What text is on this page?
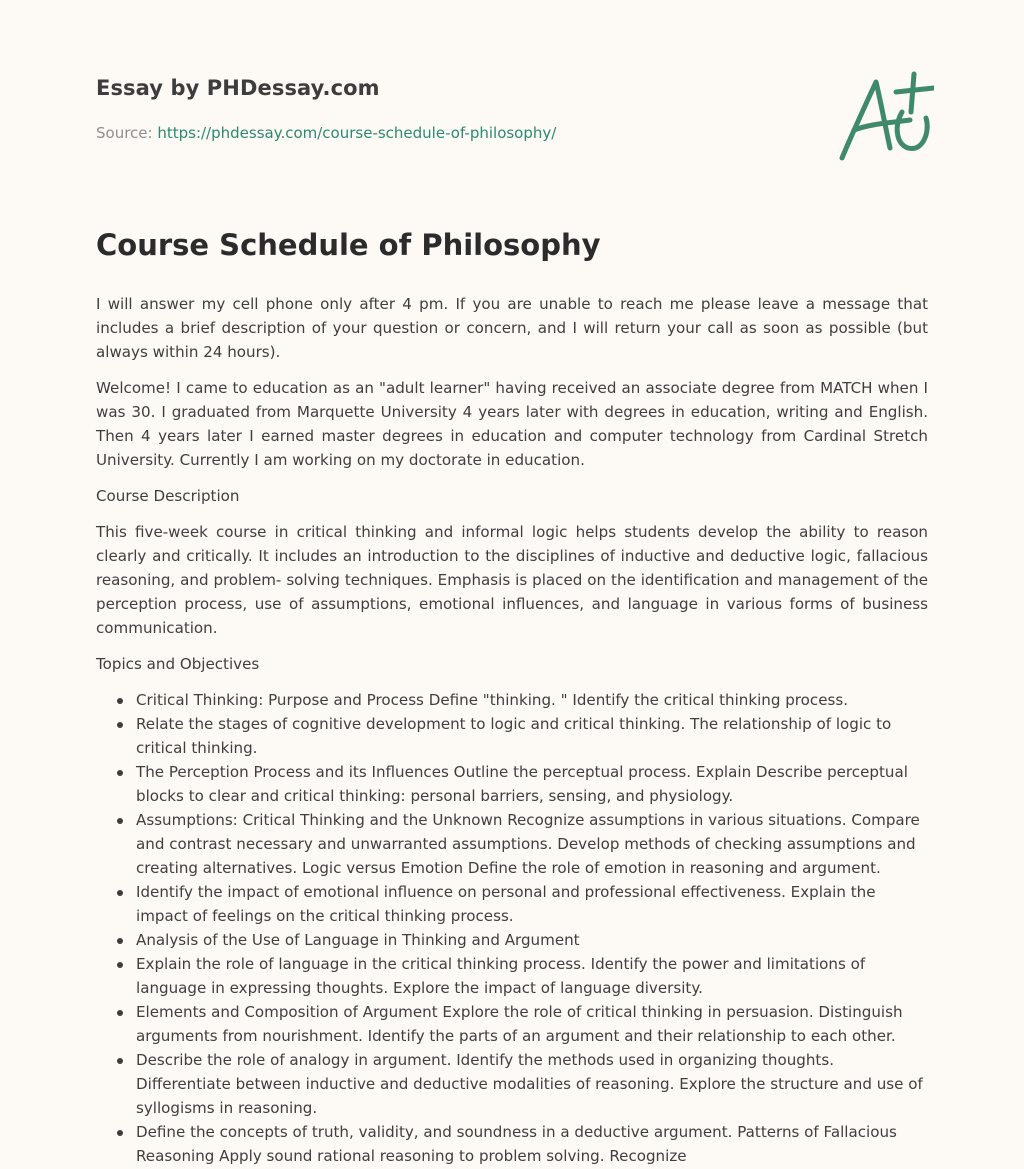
Essay by PHDessay.com
Source: https://phdessay.com/course-schedule-of-philosophy/
Course Schedule of Philosophy

I will answer my cell phone only after 4 pm. If you are unable to reach me please leave a message that includes a brief description of your question or concern, and I will return your call as soon as possible (but always within 24 hours).

Welcome! I came to education as an "adult learner" having received an associate degree from MATCH when I was 30. I graduated from Marquette University 4 years later with degrees in education, writing and English. Then 4 years later I earned master degrees in education and computer technology from Cardinal Stretch University. Currently I am working on my doctorate in education.

Course Description

This five-week course in critical thinking and informal logic helps students develop the ability to reason clearly and critically. It includes an introduction to the disciplines of inductive and deductive logic, fallacious reasoning, and problem- solving techniques. Emphasis is placed on the identification and management of the perception process, use of assumptions, emotional influences, and language in various forms of business communication.

Topics and Objectives

Critical Thinking: Purpose and Process Define "thinking. " Identify the critical thinking process.
Relate the stages of cognitive development to logic and critical thinking. The relationship of logic to critical thinking.
The Perception Process and its Influences Outline the perceptual process. Explain Describe perceptual blocks to clear and critical thinking: personal barriers, sensing, and physiology.
Assumptions: Critical Thinking and the Unknown Recognize assumptions in various situations. Compare and contrast necessary and unwarranted assumptions. Develop methods of checking assumptions and creating alternatives. Logic versus Emotion Define the role of emotion in reasoning and argument.
Identify the impact of emotional influence on personal and professional effectiveness. Explain the impact of feelings on the critical thinking process.
Analysis of the Use of Language in Thinking and Argument
Explain the role of language in the critical thinking process. Identify the power and limitations of language in expressing thoughts. Explore the impact of language diversity.
Elements and Composition of Argument Explore the role of critical thinking in persuasion. Distinguish arguments from nourishment. Identify the parts of an argument and their relationship to each other.
Describe the role of analogy in argument. Identify the methods used in organizing thoughts. Differentiate between inductive and deductive modalities of reasoning. Explore the structure and use of syllogisms in reasoning.
Define the concepts of truth, validity, and soundness in a deductive argument. Patterns of Fallacious Reasoning Apply sound rational reasoning to problem solving. Recognize
